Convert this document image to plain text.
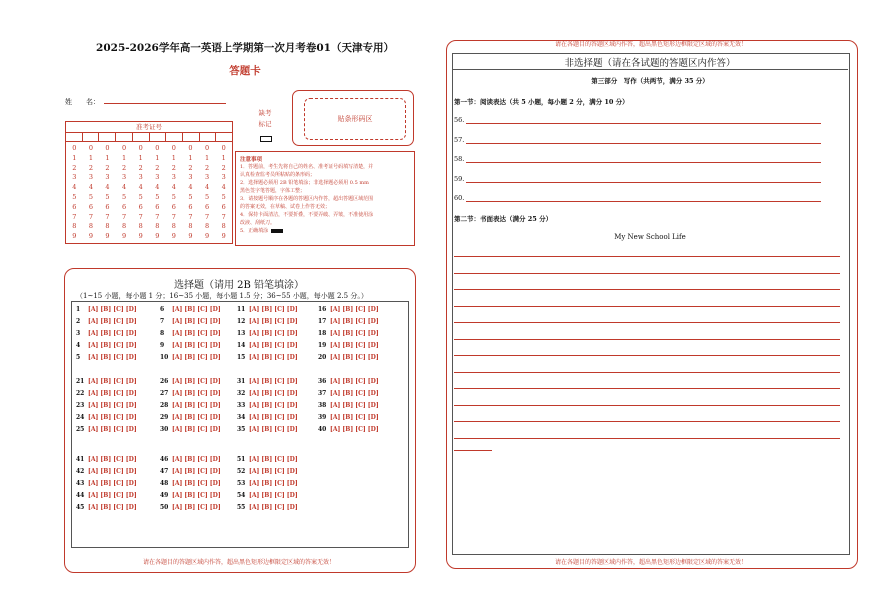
2025-2026学年高一英语上学期第一次月考卷01（天津专用）
答题卡
姓　　名：
准考证号
0
1
2
3
4
5
6
7
8
9
0
1
2
3
4
5
6
7
8
9
0
1
2
3
4
5
6
7
8
9
0
1
2
3
4
5
6
7
8
9
0
1
2
3
4
5
6
7
8
9
0
1
2
3
4
5
6
7
8
9
0
1
2
3
4
5
6
7
8
9
0
1
2
3
4
5
6
7
8
9
0
1
2
3
4
5
6
7
8
9
0
1
2
3
4
5
6
7
8
9
缺考
标记
贴条形码区
注意事项
1．答题前，考生先将自己的姓名、准考证号码填写清楚，并
认真检查监考员所粘贴的条形码；
2．选择题必须用 2B 铅笔填涂；非选择题必须用 0.5 mm
黑色签字笔答题，字体工整；
3．请按题号顺序在各题的答题区内作答，超出答题区域范围
的答案无效，在草稿、试卷上作答无效；
4．保持卡面清洁，不要折叠，不要弄破、弄皱，不准使用涂
改液、刮纸刀。
5．正确填涂
选择题（请用 2B 铅笔填涂）
（1~15 小题，每小题 1 分；16~35 小题，每小题 1.5 分；36~55 小题，每小题 2.5 分。）
1 [A] [B] [C] [D]
2 [A] [B] [C] [D]
3 [A] [B] [C] [D]
4 [A] [B] [C] [D]
5 [A] [B] [C] [D]
6 [A] [B] [C] [D]
7 [A] [B] [C] [D]
8 [A] [B] [C] [D]
9 [A] [B] [C] [D]
10 [A] [B] [C] [D]
11 [A] [B] [C] [D]
12 [A] [B] [C] [D]
13 [A] [B] [C] [D]
14 [A] [B] [C] [D]
15 [A] [B] [C] [D]
16 [A] [B] [C] [D]
17 [A] [B] [C] [D]
18 [A] [B] [C] [D]
19 [A] [B] [C] [D]
20 [A] [B] [C] [D]
21 [A] [B] [C] [D]
22 [A] [B] [C] [D]
23 [A] [B] [C] [D]
24 [A] [B] [C] [D]
25 [A] [B] [C] [D]
26 [A] [B] [C] [D]
27 [A] [B] [C] [D]
28 [A] [B] [C] [D]
29 [A] [B] [C] [D]
30 [A] [B] [C] [D]
31 [A] [B] [C] [D]
32 [A] [B] [C] [D]
33 [A] [B] [C] [D]
34 [A] [B] [C] [D]
35 [A] [B] [C] [D]
36 [A] [B] [C] [D]
37 [A] [B] [C] [D]
38 [A] [B] [C] [D]
39 [A] [B] [C] [D]
40 [A] [B] [C] [D]
41 [A] [B] [C] [D]
42 [A] [B] [C] [D]
43 [A] [B] [C] [D]
44 [A] [B] [C] [D]
45 [A] [B] [C] [D]
46 [A] [B] [C] [D]
47 [A] [B] [C] [D]
48 [A] [B] [C] [D]
49 [A] [B] [C] [D]
50 [A] [B] [C] [D]
51 [A] [B] [C] [D]
52 [A] [B] [C] [D]
53 [A] [B] [C] [D]
54 [A] [B] [C] [D]
55 [A] [B] [C] [D]
请在各题目的答题区域内作答，超出黑色矩形边框限定区域的答案无效！
请在各题目的答题区域内作答，超出黑色矩形边框限定区域的答案无效！
非选择题（请在各试题的答题区内作答）
第三部分　写作（共两节，满分 35 分）
第一节：阅读表达（共 5 小题，每小题 2 分，满分 10 分）
56.
57.
58.
59.
60.
第二节：书面表达（满分 25 分）
My New School Life
请在各题目的答题区域内作答，超出黑色矩形边框限定区域的答案无效！
